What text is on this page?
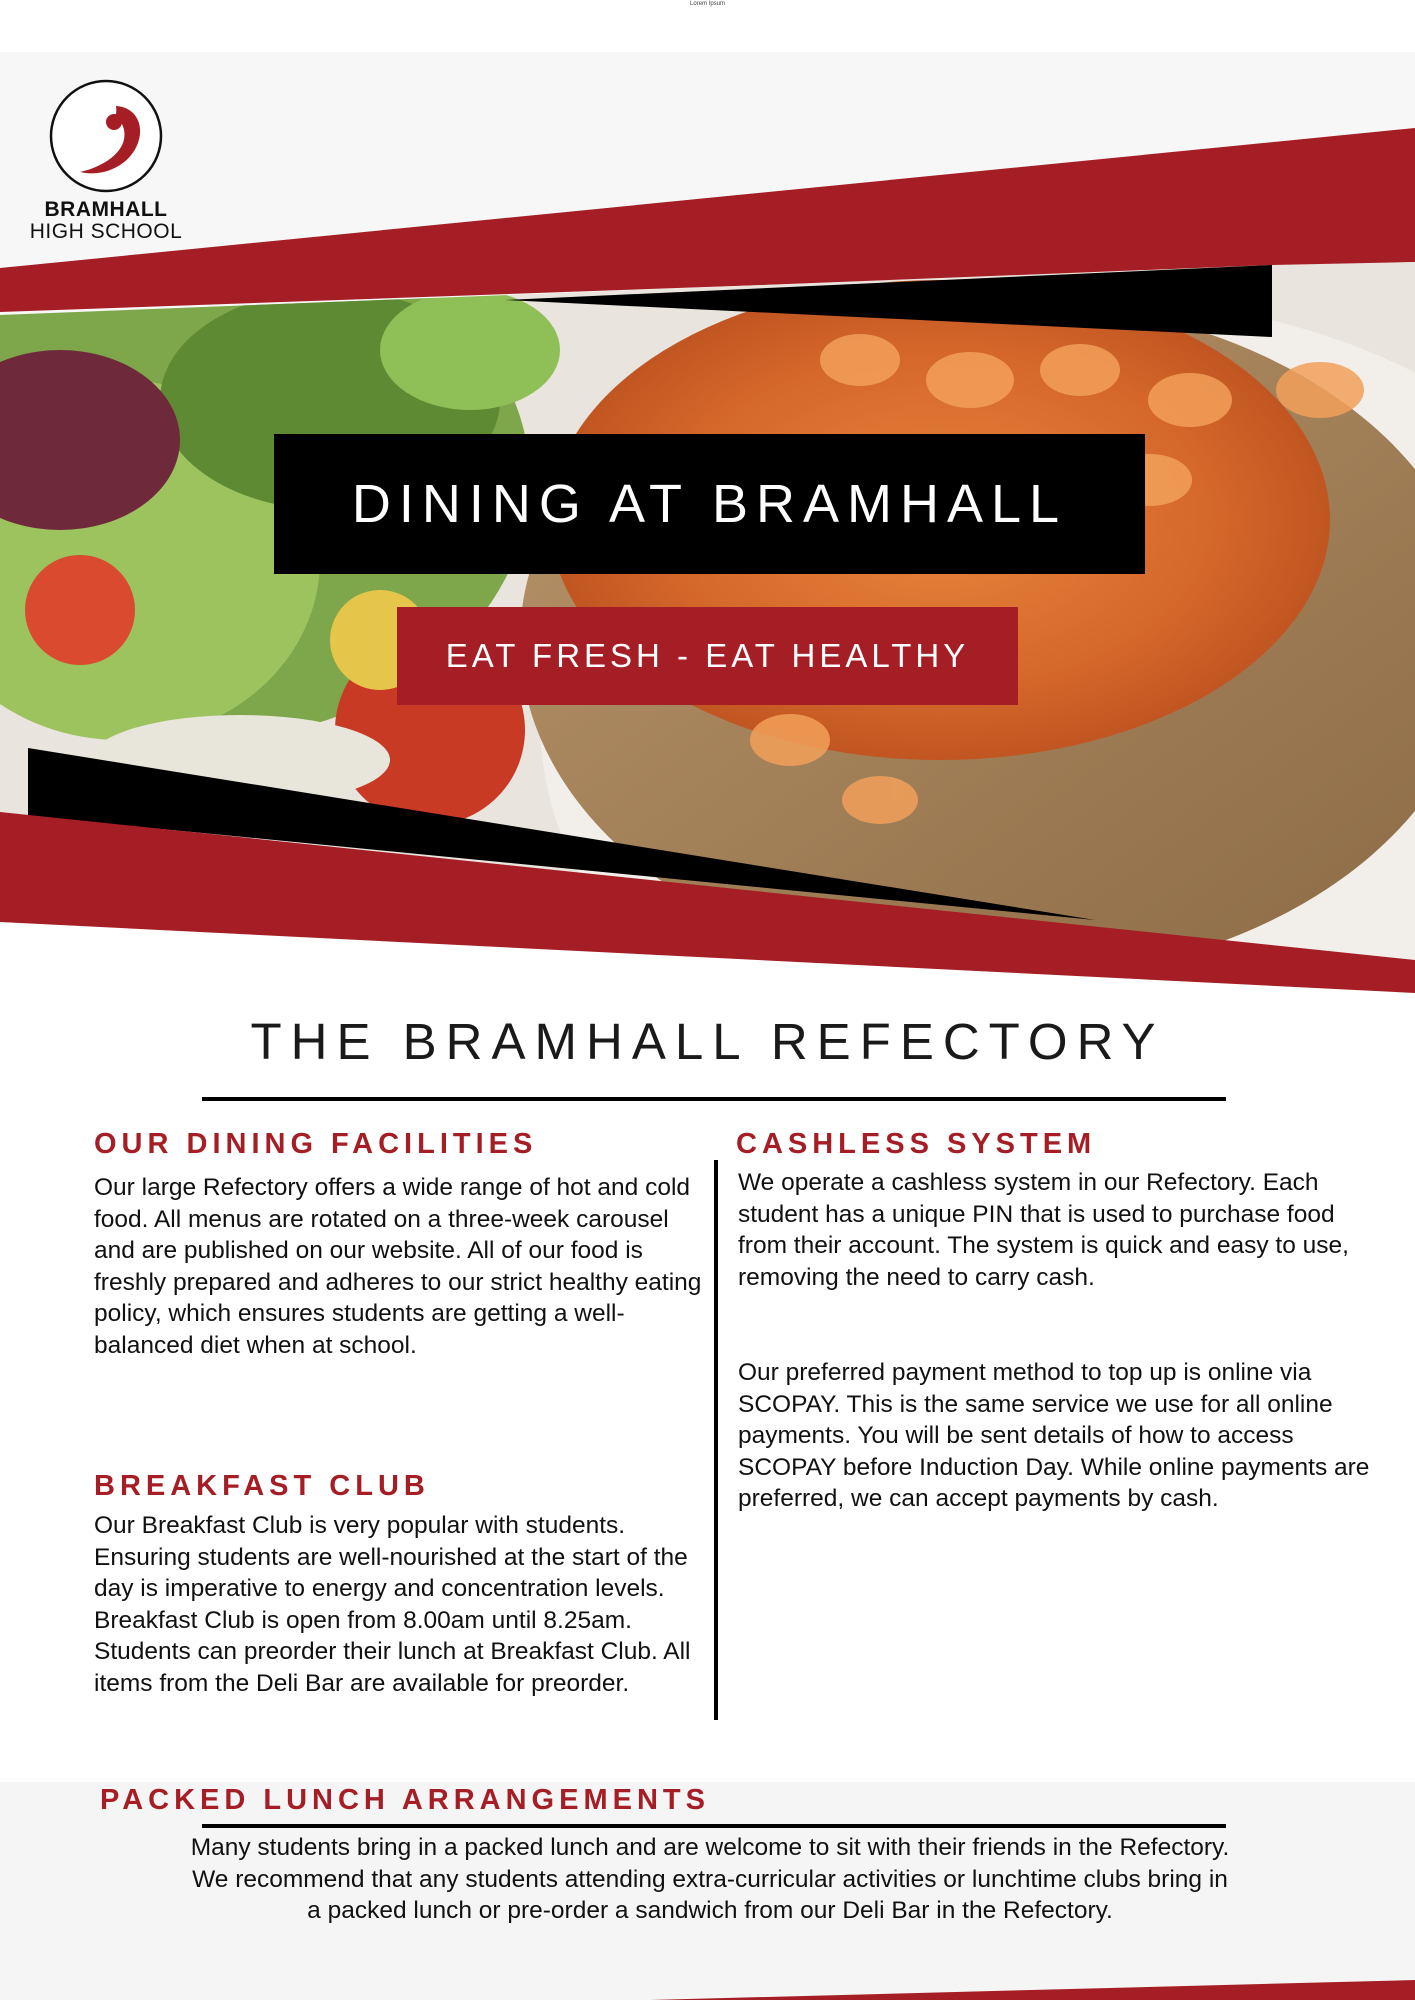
Lorem Ipsum
BRAMHALL
HIGH SCHOOL
DINING AT BRAMHALL
EAT FRESH - EAT HEALTHY
THE BRAMHALL REFECTORY
OUR DINING FACILITIES

Our large Refectory offers a wide range of hot and cold food. All menus are rotated on a three-week carousel and are published on our website. All of our food is freshly prepared and adheres to our strict healthy eating policy, which ensures students are getting a well-balanced diet when at school.

BREAKFAST CLUB

Our Breakfast Club is very popular with students. Ensuring students are well-nourished at the start of the day is imperative to energy and concentration levels. Breakfast Club is open from 8.00am until 8.25am. Students can preorder their lunch at Breakfast Club. All items from the Deli Bar are available for preorder.

CASHLESS SYSTEM

We operate a cashless system in our Refectory. Each student has a unique PIN that is used to purchase food from their account. The system is quick and easy to use, removing the need to carry cash.

Our preferred payment method to top up is online via SCOPAY. This is the same service we use for all online payments. You will be sent details of how to access SCOPAY before Induction Day. While online payments are preferred, we can accept payments by cash.

PACKED LUNCH ARRANGEMENTS

Many students bring in a packed lunch and are welcome to sit with their friends in the Refectory. We recommend that any students attending extra-curricular activities or lunchtime clubs bring in a packed lunch or pre-order a sandwich from our Deli Bar in the Refectory.
